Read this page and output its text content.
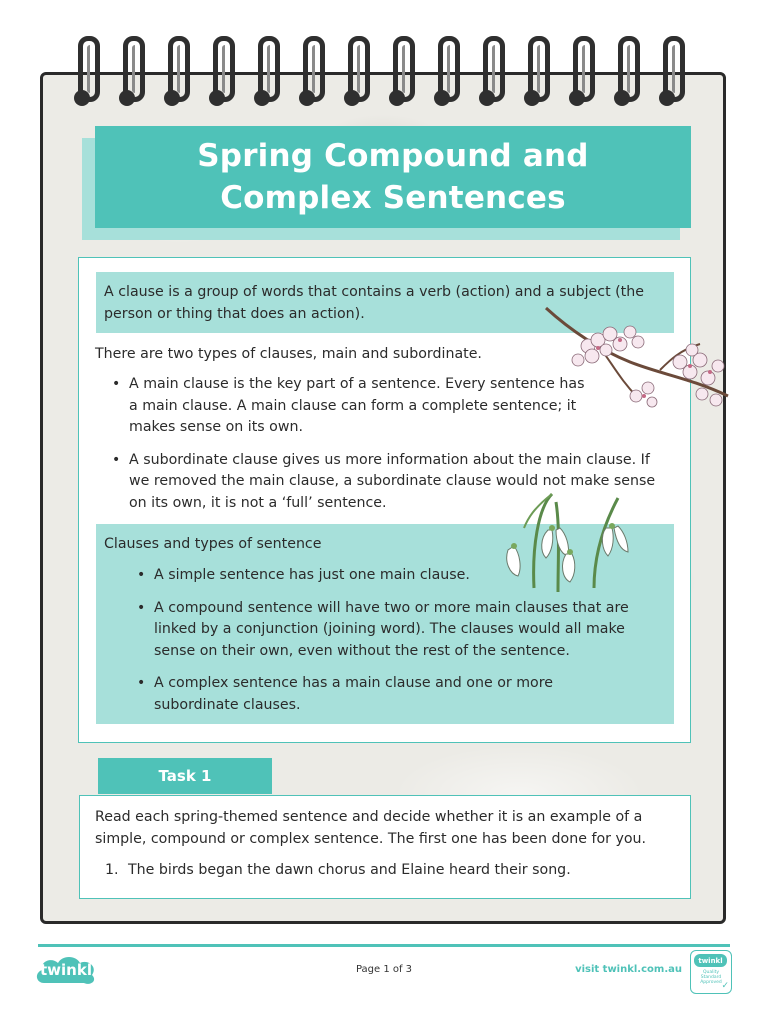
Spring Compound and
Complex Sentences
A clause is a group of words that contains a verb (action) and a subject (the person or thing that does an action).
There are two types of clauses, main and subordinate.
• A main clause is the key part of a sentence. Every sentence has a main clause. A main clause can form a complete sentence; it makes sense on its own.
• A subordinate clause gives us more information about the main clause. If we removed the main clause, a subordinate clause would not make sense on its own, it is not a ‘full’ sentence.
Clauses and types of sentence
• A simple sentence has just one main clause.
• A compound sentence will have two or more main clauses that are linked by a conjunction (joining word). The clauses would all make sense on their own, even without the rest of the sentence.
• A complex sentence has a main clause and one or more subordinate clauses.
Task 1
Read each spring-themed sentence and decide whether it is an example of a simple, compound or complex sentence. The first one has been done for you.
1. The birds began the dawn chorus and Elaine heard their song.
twinkl	Page 1 of 3	visit twinkl.com.au
twinkl
Quality Standard Approved ✓
